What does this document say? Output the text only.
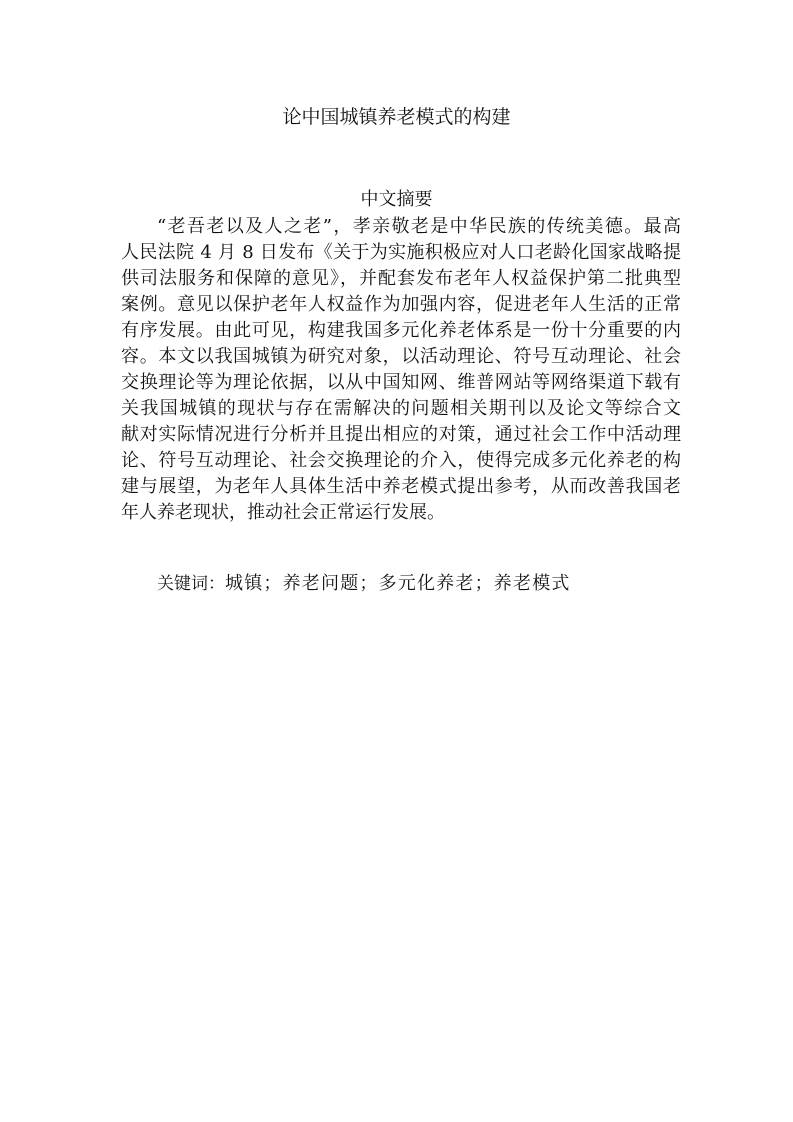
论中国城镇养老模式的构建
中文摘要
“老吾老以及人之老”，孝亲敬老是中华民族的传统美德。最高
人民法院 4 月 8 日发布《关于为实施积极应对人口老龄化国家战略提
供司法服务和保障的意见》，并配套发布老年人权益保护第二批典型
案例。意见以保护老年人权益作为加强内容，促进老年人生活的正常
有序发展。由此可见，构建我国多元化养老体系是一份十分重要的内
容。本文以我国城镇为研究对象，以活动理论、符号互动理论、社会
交换理论等为理论依据，以从中国知网、维普网站等网络渠道下载有
关我国城镇的现状与存在需解决的问题相关期刊以及论文等综合文
献对实际情况进行分析并且提出相应的对策，通过社会工作中活动理
论、符号互动理论、社会交换理论的介入，使得完成多元化养老的构
建与展望，为老年人具体生活中养老模式提出参考，从而改善我国老
年人养老现状，推动社会正常运行发展。
关键词：城镇；养老问题；多元化养老；养老模式
